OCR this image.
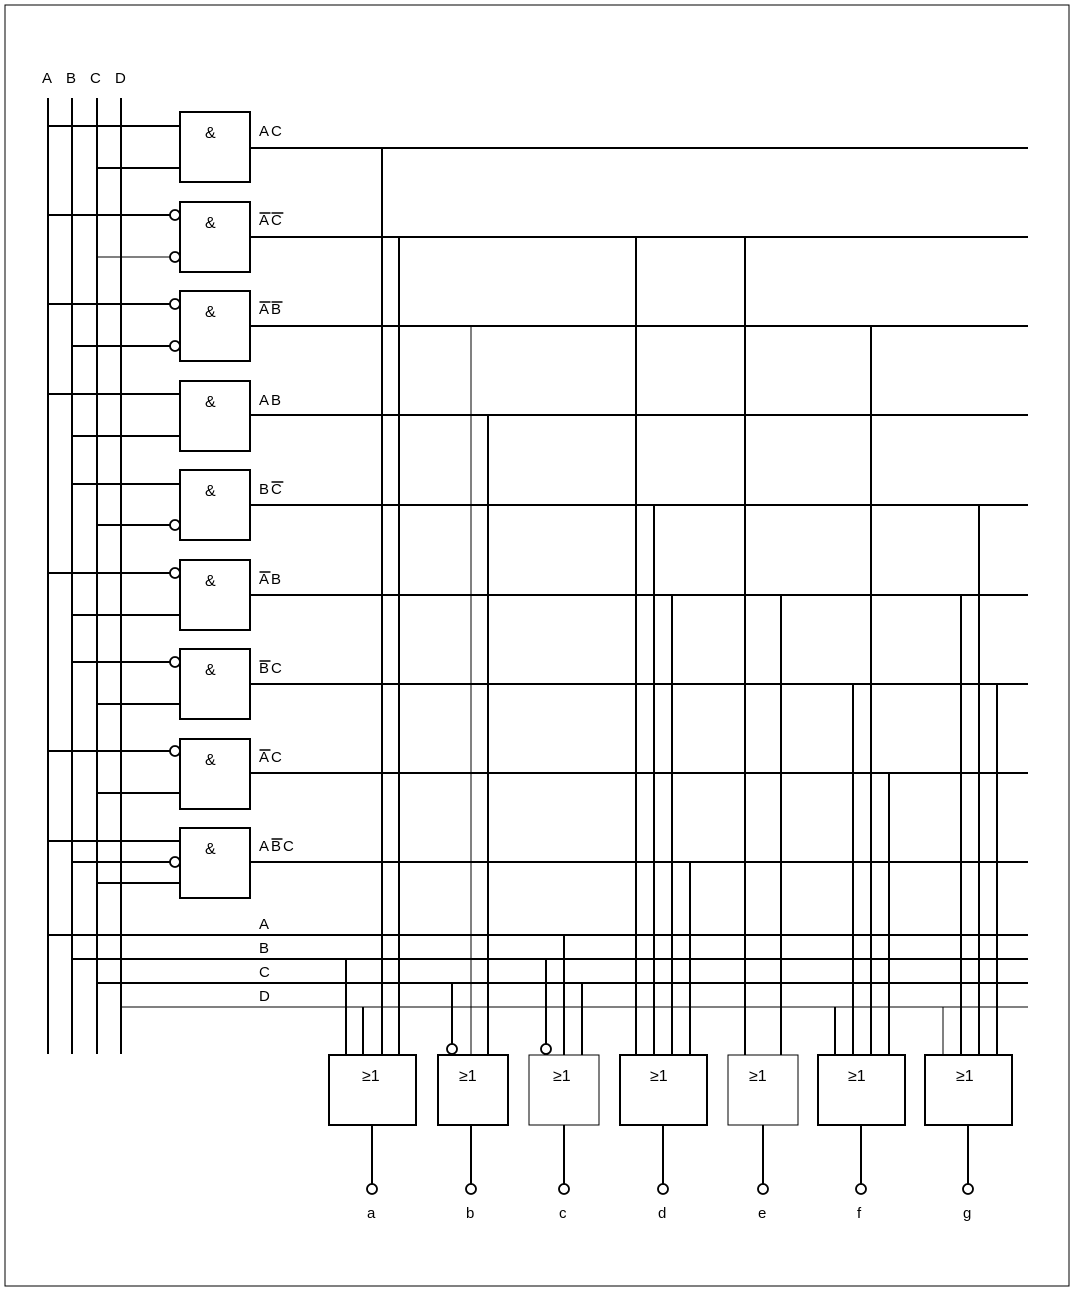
A B C D
&
&
&
&
&
&
&
&
&
AC
AC
AB
AB
BC
AB
BC
AC
ABC
A
B
C
D
≥1	≥1	≥1	≥1	≥1	≥1	≥1
a	b	c	d	e	f	g
